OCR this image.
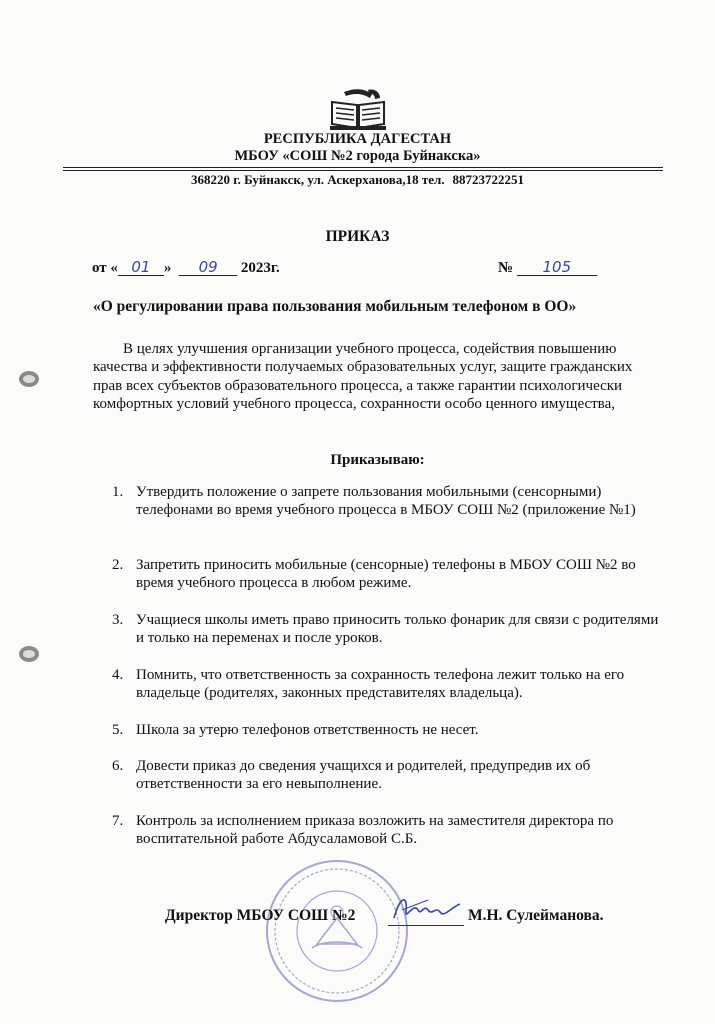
РЕСПУБЛИКА ДАГЕСТАН
МБОУ «СОШ №2 города Буйнакска»
368220 г. Буйнакск, ул. Аскерханова,18 тел. 88723722251
ПРИКАЗ
от « 01 » 09 2023г.	№ 105
«О регулировании права пользования мобильным телефоном в ОО»

В целях улучшения организации учебного процесса, содействия повышению качества и эффективности получаемых образовательных услуг, защите гражданских прав всех субъектов образовательного процесса, а также гарантии психологически комфортных условий учебного процесса, сохранности особо ценного имущества,

Приказываю:
1. Утвердить положение о запрете пользования мобильными (сенсорными) телефонами во время учебного процесса в МБОУ СОШ №2 (приложение №1)
2. Запретить приносить мобильные (сенсорные) телефоны в МБОУ СОШ №2 во время учебного процесса в любом режиме.
3. Учащиеся школы иметь право приносить только фонарик для связи с родителями и только на переменах и после уроков.
4. Помнить, что ответственность за сохранность телефона лежит только на его владельце (родителях, законных представителях владельца).
5. Школа за утерю телефонов ответственность не несет.
6. Довести приказ до сведения учащихся и родителей, предупредив их об ответственности за его невыполнение.
7. Контроль за исполнением приказа возложить на заместителя директора по воспитательной работе Абдусаламовой С.Б.
Директор МБОУ СОШ №2	М.Н. Сулейманова.
